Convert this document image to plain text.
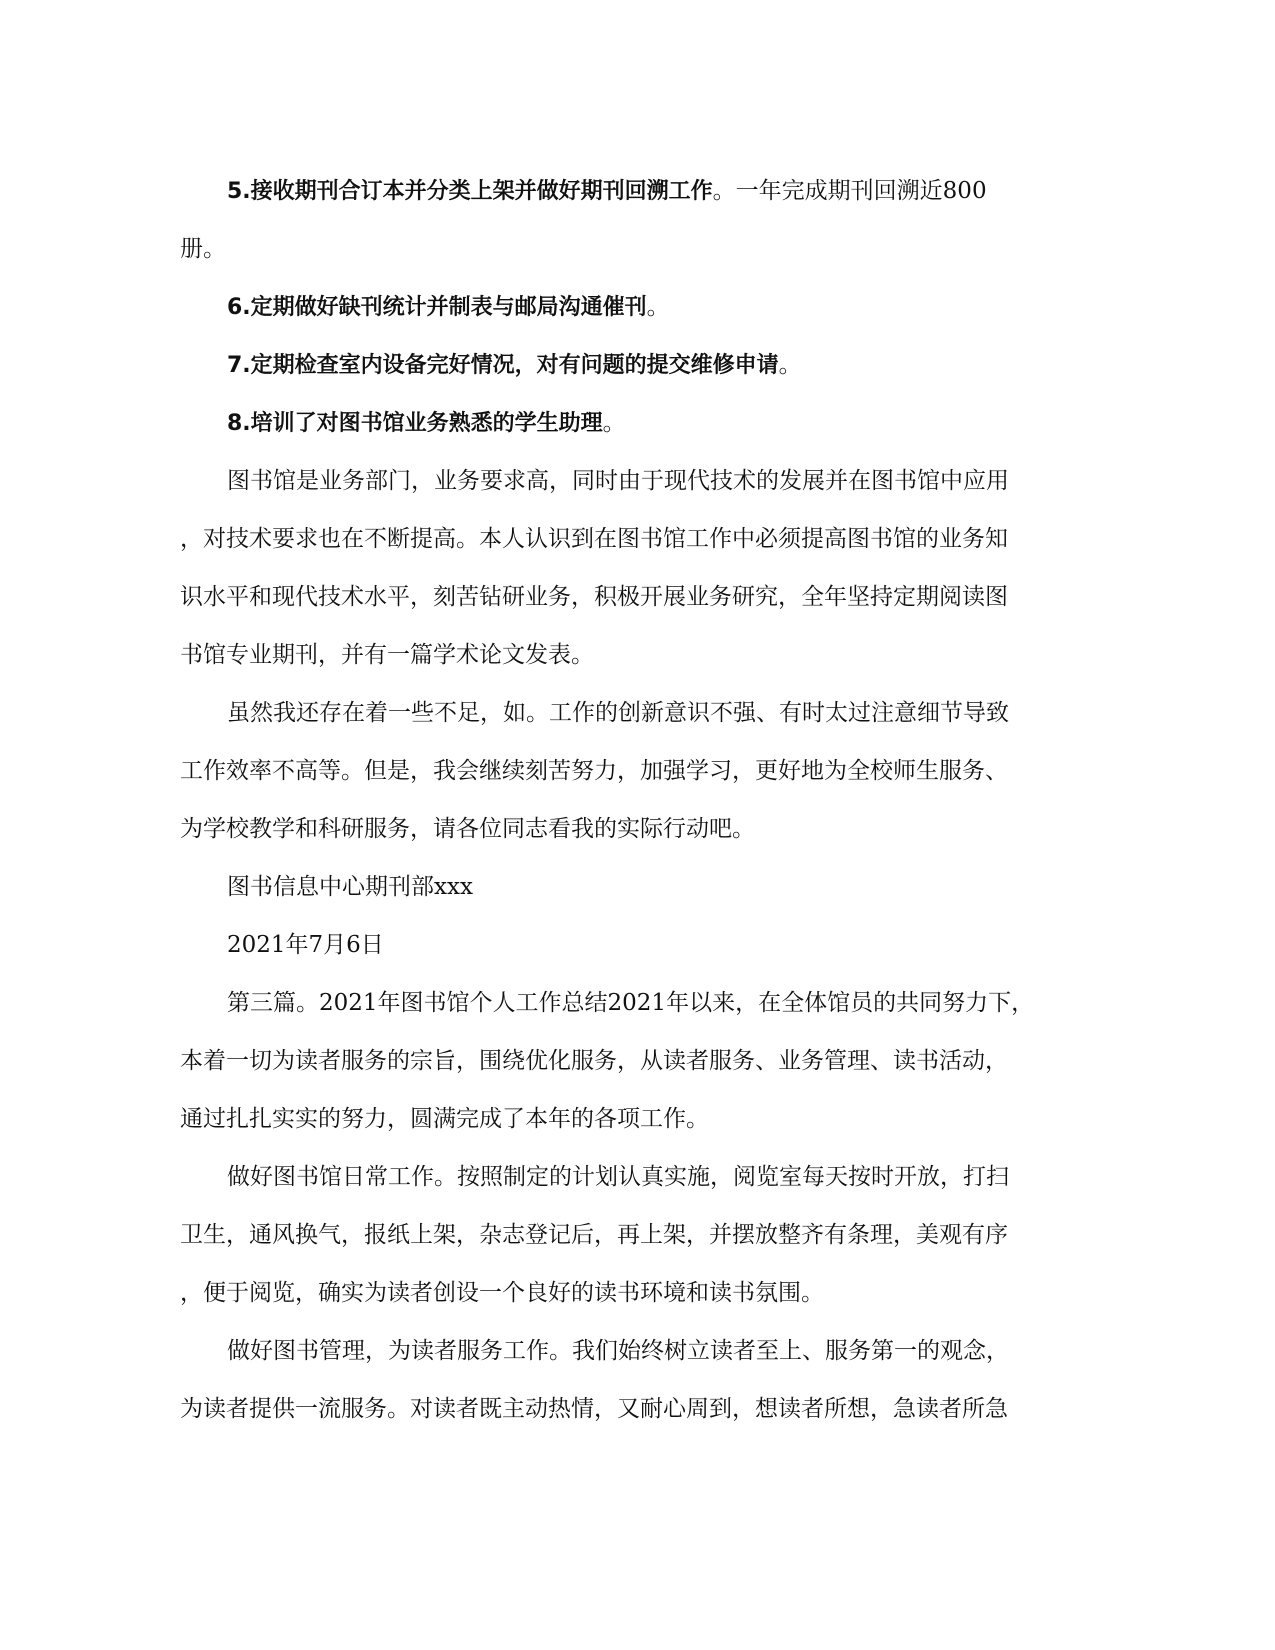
5.接收期刊合订本并分类上架并做好期刊回溯工作。一年完成期刊回溯近800
册。
6.定期做好缺刊统计并制表与邮局沟通催刊。
7.定期检查室内设备完好情况，对有问题的提交维修申请。
8.培训了对图书馆业务熟悉的学生助理。
图书馆是业务部门，业务要求高，同时由于现代技术的发展并在图书馆中应用
，对技术要求也在不断提高。本人认识到在图书馆工作中必须提高图书馆的业务知
识水平和现代技术水平，刻苦钻研业务，积极开展业务研究，全年坚持定期阅读图
书馆专业期刊，并有一篇学术论文发表。
虽然我还存在着一些不足，如。工作的创新意识不强、有时太过注意细节导致
工作效率不高等。但是，我会继续刻苦努力，加强学习，更好地为全校师生服务、
为学校教学和科研服务，请各位同志看我的实际行动吧。
图书信息中心期刊部xxx
2021年7月6日
第三篇。2021年图书馆个人工作总结2021年以来，在全体馆员的共同努力下，
本着一切为读者服务的宗旨，围绕优化服务，从读者服务、业务管理、读书活动，
通过扎扎实实的努力，圆满完成了本年的各项工作。
做好图书馆日常工作。按照制定的计划认真实施，阅览室每天按时开放，打扫
卫生，通风换气，报纸上架，杂志登记后，再上架，并摆放整齐有条理，美观有序
，便于阅览，确实为读者创设一个良好的读书环境和读书氛围。
做好图书管理，为读者服务工作。我们始终树立读者至上、服务第一的观念，
为读者提供一流服务。对读者既主动热情，又耐心周到，想读者所想，急读者所急
